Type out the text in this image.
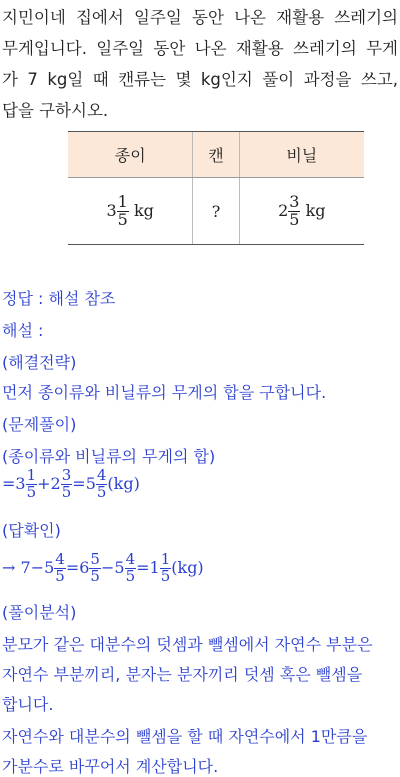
지민이네 집에서 일주일 동안 나온 재활용 쓰레기의
무게입니다. 일주일 동안 나온 재활용 쓰레기의 무게
가 7 kg일 때 캔류는 몇 kg인지 풀이 과정을 쓰고,
답을 구하시오.
종이	캔	비닐
$3 \frac{1}{5}$ kg	?	$2 \frac{3}{5}$ kg
정답 : 해설 참조
해설 :
(해결전략)
먼저 종이류와 비닐류의 무게의 합을 구합니다.
(문제풀이)
(종이류와 비닐류의 무게의 합)
$=3 \frac{1}{5} +2 \frac{3}{5} =5 \frac{4}{5} (kg)$
(답확인)
→ $7-5 \frac{4}{5} =6 \frac{5}{5} -5 \frac{4}{5} =1 \frac{1}{5} (kg)$
(풀이분석)
분모가 같은 대분수의 덧셈과 뺄셈에서 자연수 부분은
자연수 부분끼리, 분자는 분자끼리 덧셈 혹은 뺄셈을
합니다.
자연수와 대분수의 뺄셈을 할 때 자연수에서 1만큼을
가분수로 바꾸어서 계산합니다.
